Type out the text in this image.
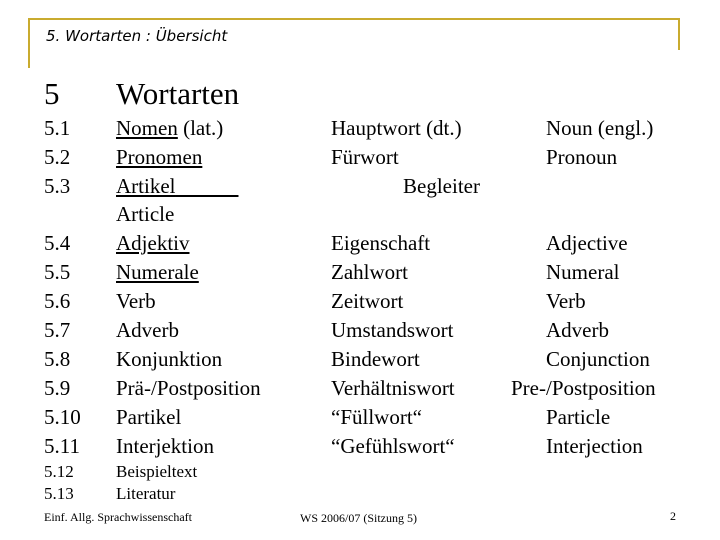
5. Wortarten : Übersicht
5 Wortarten
5.1
5.2
5.3
5.4
5.5
5.6
5.7
5.8
5.9
5.10
5.11
Nomen (lat.)
Pronomen
Artikel
Article
Adjektiv
Numerale
Verb
Adverb
Konjunktion
Prä-/Postposition
Partikel
Interjektion
Hauptwort (dt.)
Fürwort
Begleiter
Eigenschaft
Zahlwort
Zeitwort
Umstandswort
Bindewort
Verhältniswort
“Füllwort“
“Gefühlswort“
Noun (engl.)
Pronoun
Adjective
Numeral
Verb
Adverb
Conjunction
Pre-/Postposition
Particle
Interjection
5.12 Beispieltext
5.13 Literatur
Einf. Allg. Sprachwissenschaft	WS 2006/07 (Sitzung 5)	2
